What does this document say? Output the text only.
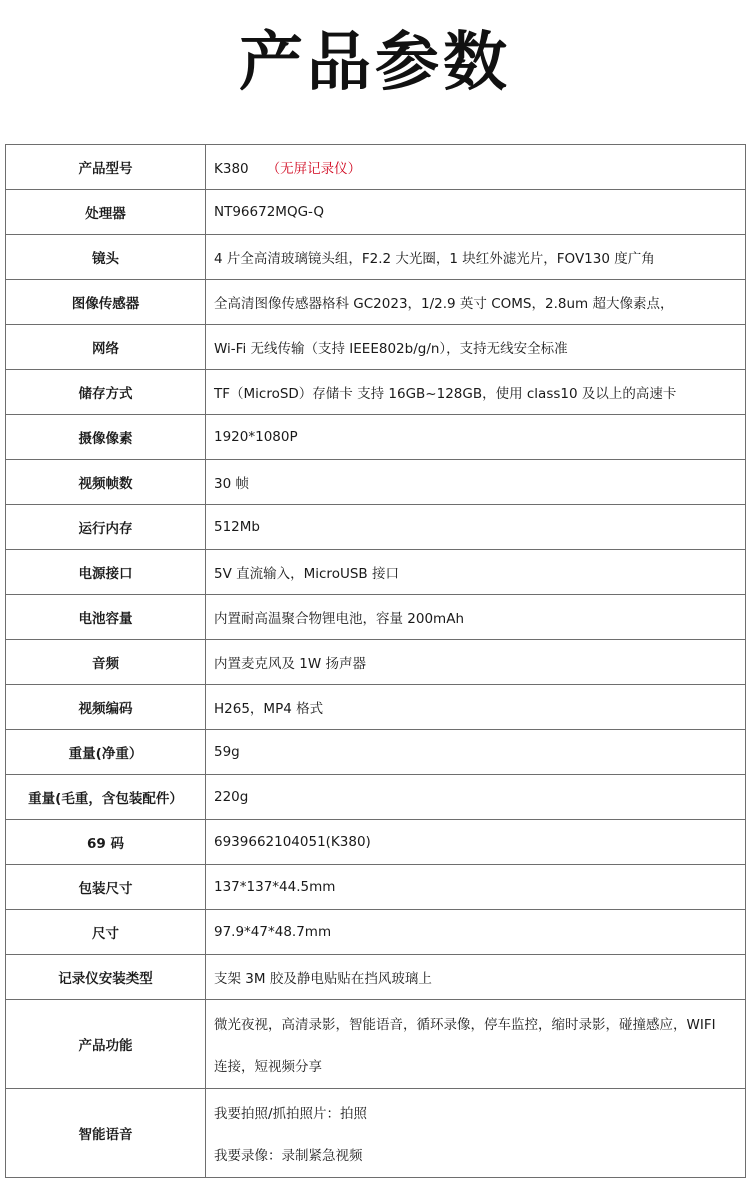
产品参数
产品型号	K380 （无屏记录仪）
处理器	NT96672MQG-Q
镜头	4 片全高清玻璃镜头组，F2.2 大光圈，1 块红外滤光片，FOV130 度广角
图像传感器	全高清图像传感器格科 GC2023，1/2.9 英寸 COMS，2.8um 超大像素点，
网络	Wi-Fi 无线传输（支持 IEEE802b/g/n），支持无线安全标准
储存方式	TF（MicroSD）存储卡 支持 16GB~128GB，使用 class10 及以上的高速卡
摄像像素	1920*1080P
视频帧数	30 帧
运行内存	512Mb
电源接口	5V 直流输入，MicroUSB 接口
电池容量	内置耐高温聚合物锂电池，容量 200mAh
音频	内置麦克风及 1W 扬声器
视频编码	H265，MP4 格式
重量(净重）	59g
重量(毛重，含包装配件）	220g
69 码	6939662104051(K380)
包装尺寸	137*137*44.5mm
尺寸	97.9*47*48.7mm
记录仪安装类型	支架 3M 胶及静电贴贴在挡风玻璃上
产品功能	微光夜视，高清录影，智能语音，循环录像，停车监控，缩时录影，碰撞感应，WIFI
连接，短视频分享

智能语音	我要拍照/抓拍照片：拍照
我要录像：录制紧急视频
